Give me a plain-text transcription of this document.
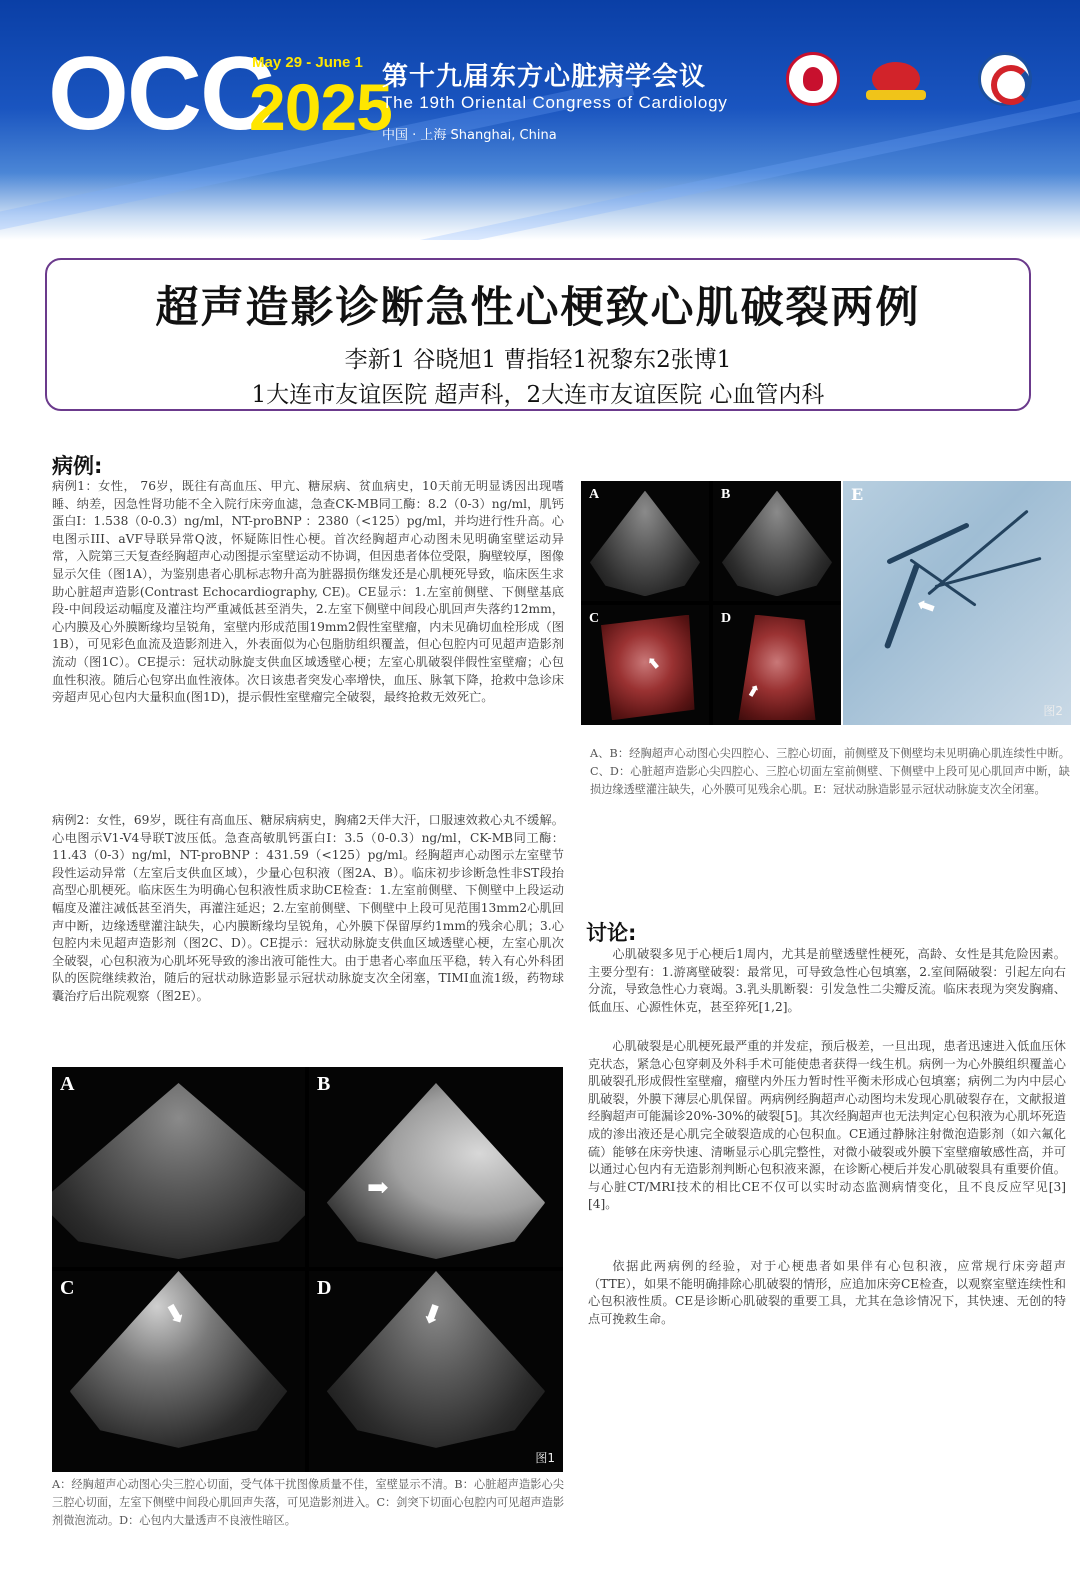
OCC
May 29 - June 1
2025
第十九届东方心脏病学会议
The 19th Oriental Congress of Cardiology
中国 · 上海 Shanghai, China
超声造影诊断急性心梗致心肌破裂两例
李新1 谷晓旭1 曹指轻1祝黎东2张博1
1大连市友谊医院 超声科，2大连市友谊医院 心血管内科
病例:
病例1：女性， 76岁，既往有高血压、甲亢、糖尿病、贫血病史，10天前无明显诱因出现嗜睡、纳差，因急性肾功能不全入院行床旁血滤，急查CK-MB同工酶：8.2（0-3）ng/ml，肌钙蛋白I：1.538（0-0.3）ng/ml，NT-proBNP ：2380（<125）pg/ml，并均进行性升高。心电图示III、aVF导联异常Q波，怀疑陈旧性心梗。首次经胸超声心动图未见明确室壁运动异常，入院第三天复查经胸超声心动图提示室壁运动不协调，但因患者体位受限，胸壁较厚，图像显示欠佳（图1A），为鉴别患者心肌标志物升高为脏器损伤继发还是心肌梗死导致，临床医生求助心脏超声造影(Contrast Echocardiography, CE)。CE显示：1.左室前侧壁、下侧壁基底段-中间段运动幅度及灌注均严重减低甚至消失，2.左室下侧壁中间段心肌回声失落约12mm，心内膜及心外膜断缘均呈锐角，室壁内形成范围19mm2假性室壁瘤，内未见确切血栓形成（图1B），可见彩色血流及造影剂进入，外表面似为心包脂肪组织覆盖，但心包腔内可见超声造影剂流动（图1C）。CE提示：冠状动脉旋支供血区域透壁心梗；左室心肌破裂伴假性室壁瘤；心包血性积液。随后心包穿出血性液体。次日该患者突发心率增快，血压、脉氧下降，抢救中急诊床旁超声见心包内大量积血(图1D)，提示假性室壁瘤完全破裂，最终抢救无效死亡。
病例2：女性，69岁，既往有高血压、糖尿病病史，胸痛2天伴大汗，口服速效救心丸不缓解。心电图示V1-V4导联T波压低。急查高敏肌钙蛋白I：3.5（0-0.3）ng/ml，CK-MB同工酶：11.43（0-3）ng/ml，NT-proBNP ：431.59（<125）pg/ml。经胸超声心动图示左室壁节段性运动异常（左室后支供血区域），少量心包积液（图2A、B）。临床初步诊断急性非ST段抬高型心肌梗死。临床医生为明确心包积液性质求助CE检查：1.左室前侧壁、下侧壁中上段运动幅度及灌注减低甚至消失，再灌注延迟；2.左室前侧壁、下侧壁中上段可见范围13mm2心肌回声中断，边缘透壁灌注缺失，心内膜断缘均呈锐角，心外膜下保留厚约1mm的残余心肌；3.心包腔内未见超声造影剂（图2C、D）。CE提示：冠状动脉旋支供血区域透壁心梗，左室心肌次全破裂，心包积液为心肌坏死导致的渗出液可能性大。由于患者心率血压平稳，转入有心外科团队的医院继续救治，随后的冠状动脉造影显示冠状动脉旋支次全闭塞，TIMI血流1级，药物球囊治疗后出院观察（图2E）。
A	B
➡
C
➡
D
➡
图1
A：经胸超声心动图心尖三腔心切面，受气体干扰图像质量不佳，室壁显示不清。B：心脏超声造影心尖三腔心切面，左室下侧壁中间段心肌回声失落，可见造影剂进入。C：剑突下切面心包腔内可见超声造影剂微泡流动。D：心包内大量透声不良液性暗区。
A	B
C
➡
D
➡
E
➡
图2
A、B：经胸超声心动图心尖四腔心、三腔心切面，前侧壁及下侧壁均未见明确心肌连续性中断。C、D：心脏超声造影心尖四腔心、三腔心切面左室前侧壁、下侧壁中上段可见心肌回声中断，缺损边缘透壁灌注缺失，心外膜可见残余心肌。E：冠状动脉造影显示冠状动脉旋支次全闭塞。
讨论:
心肌破裂多见于心梗后1周内，尤其是前壁透壁性梗死，高龄、女性是其危险因素。主要分型有：1.游离壁破裂：最常见，可导致急性心包填塞，2.室间隔破裂：引起左向右分流，导致急性心力衰竭。3.乳头肌断裂：引发急性二尖瓣反流。临床表现为突发胸痛、低血压、心源性休克，甚至猝死[1,2]。
心肌破裂是心肌梗死最严重的并发症，预后极差，一旦出现，患者迅速进入低血压休克状态，紧急心包穿刺及外科手术可能使患者获得一线生机。病例一为心外膜组织覆盖心肌破裂孔形成假性室壁瘤，瘤壁内外压力暂时性平衡未形成心包填塞；病例二为内中层心肌破裂，外膜下薄层心肌保留。两病例经胸超声心动图均未发现心肌破裂存在，文献报道经胸超声可能漏诊20%-30%的破裂[5]。其次经胸超声也无法判定心包积液为心肌坏死造成的渗出液还是心肌完全破裂造成的心包积血。CE通过静脉注射微泡造影剂（如六氟化硫）能够在床旁快速、清晰显示心肌完整性，对微小破裂或外膜下室壁瘤敏感性高，并可以通过心包内有无造影剂判断心包积液来源，在诊断心梗后并发心肌破裂具有重要价值。与心脏CT/MRI技术的相比CE不仅可以实时动态监测病情变化，且不良反应罕见[3][4]。
依据此两病例的经验，对于心梗患者如果伴有心包积液，应常规行床旁超声（TTE），如果不能明确排除心肌破裂的情形，应追加床旁CE检查，以观察室壁连续性和心包积液性质。CE是诊断心肌破裂的重要工具，尤其在急诊情况下，其快速、无创的特点可挽救生命。
